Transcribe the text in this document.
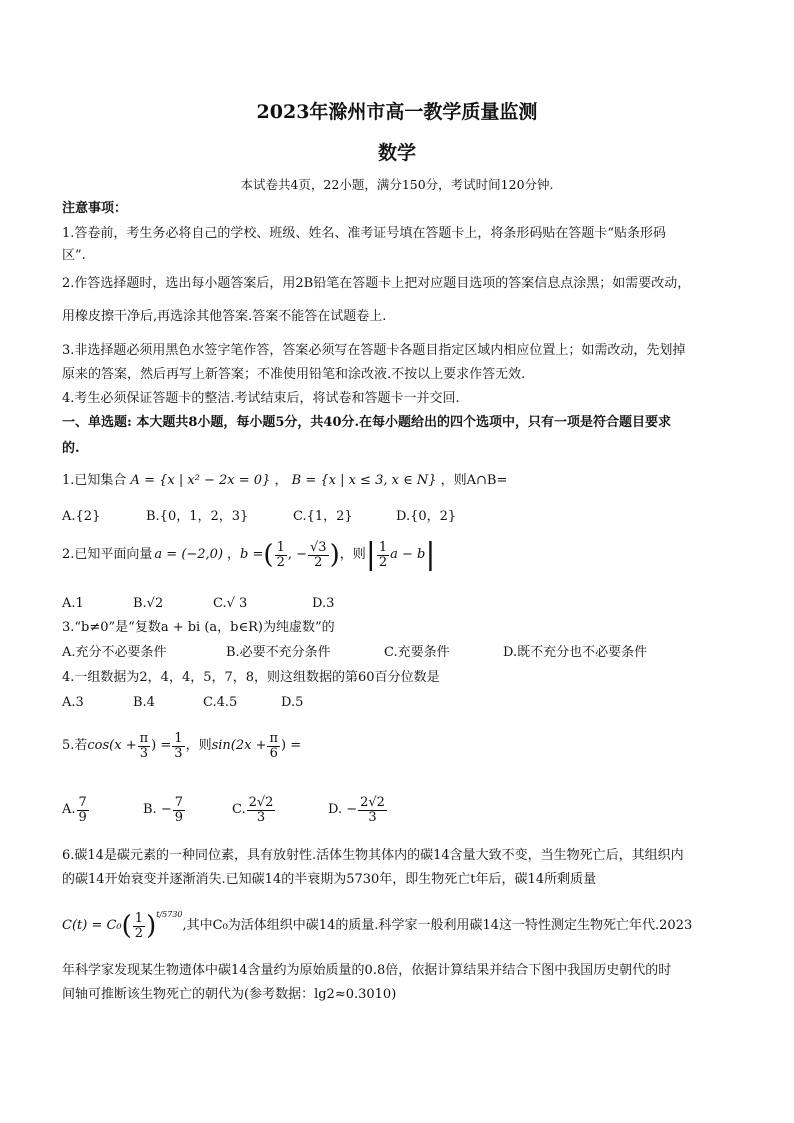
2023年滁州市高一教学质量监测
数学
本试卷共4页，22小题，满分150分，考试时间120分钟.
注意事项：
1.答卷前，考生务必将自己的学校、班级、姓名、准考证号填在答题卡上，将条形码贴在答题卡“贴条形码
区”.
2.作答选择题时，选出每小题答案后，用2B铅笔在答题卡上把对应题目选项的答案信息点涂黑；如需要改动，
用橡皮擦干净后,再选涂其他答案.答案不能答在试题卷上.
3.非选择题必须用黑色水签字笔作答，答案必须写在答题卡各题目指定区域内相应位置上；如需改动，先划掉
原来的答案，然后再写上新答案；不准使用铅笔和涂改液.不按以上要求作答无效.
4.考生必须保证答题卡的整洁.考试结束后，将试卷和答题卡一并交回.
一、单选题: 本大题共8小题，每小题5分，共40分.在每小题给出的四个选项中，只有一项是符合题目要求
的.
1.已知集合 A = {x | x² − 2x = 0} ， B = {x | x ≤ 3, x ∈ N} ，则A∩B=
A.{2}	B.{0，1，2，3}	C.{1，2}	D.{0，2}
2.已知平面向量 a = (−2,0) ， b = ( $\frac{1}{2}$ , − $\frac{√3}{2}$ ) ，则 | $\frac{1}{2}$ a − b |
A.1	B.√2	C.√ 3	D.3
3.“b≠0”是“复数a + bi (a，b∈R)为纯虚数”的
A.充分不必要条件	B.必要不充分条件	C.充要条件	D.既不充分也不必要条件
4.一组数据为2，4，4，5，7，8，则这组数据的第60百分位数是
A.3	B.4	C.4.5	D.5
5.若 $\cos(x + \frac{\pi}{3}$ ) = $\frac{1}{3}$ ，则 $\sin(2x + \frac{\pi}{6}$ ) =
A. $\frac{7}{9}$	B. − $\frac{7}{9}$	C. $\frac{2√2}{3}$	D. − $\frac{2√2}{3}$
6.碳14是碳元素的一种同位素，具有放射性.活体生物其体内的碳14含量大致不变，当生物死亡后，其组织内
的碳14开始衰变并逐渐消失.已知碳14的半衰期为5730年，即生物死亡t年后，碳14所剩质量
C(t) = C₀ ( $\frac{1}{2}$ ) t/5730
,其中C₀为活体组织中碳14的质量.科学家一般利用碳14这一特性测定生物死亡年代.2023
年科学家发现某生物遗体中碳14含量约为原始质量的0.8倍，依据计算结果并结合下图中我国历史朝代的时
间轴可推断该生物死亡的朝代为(参考数据：lg2≈0.3010)
